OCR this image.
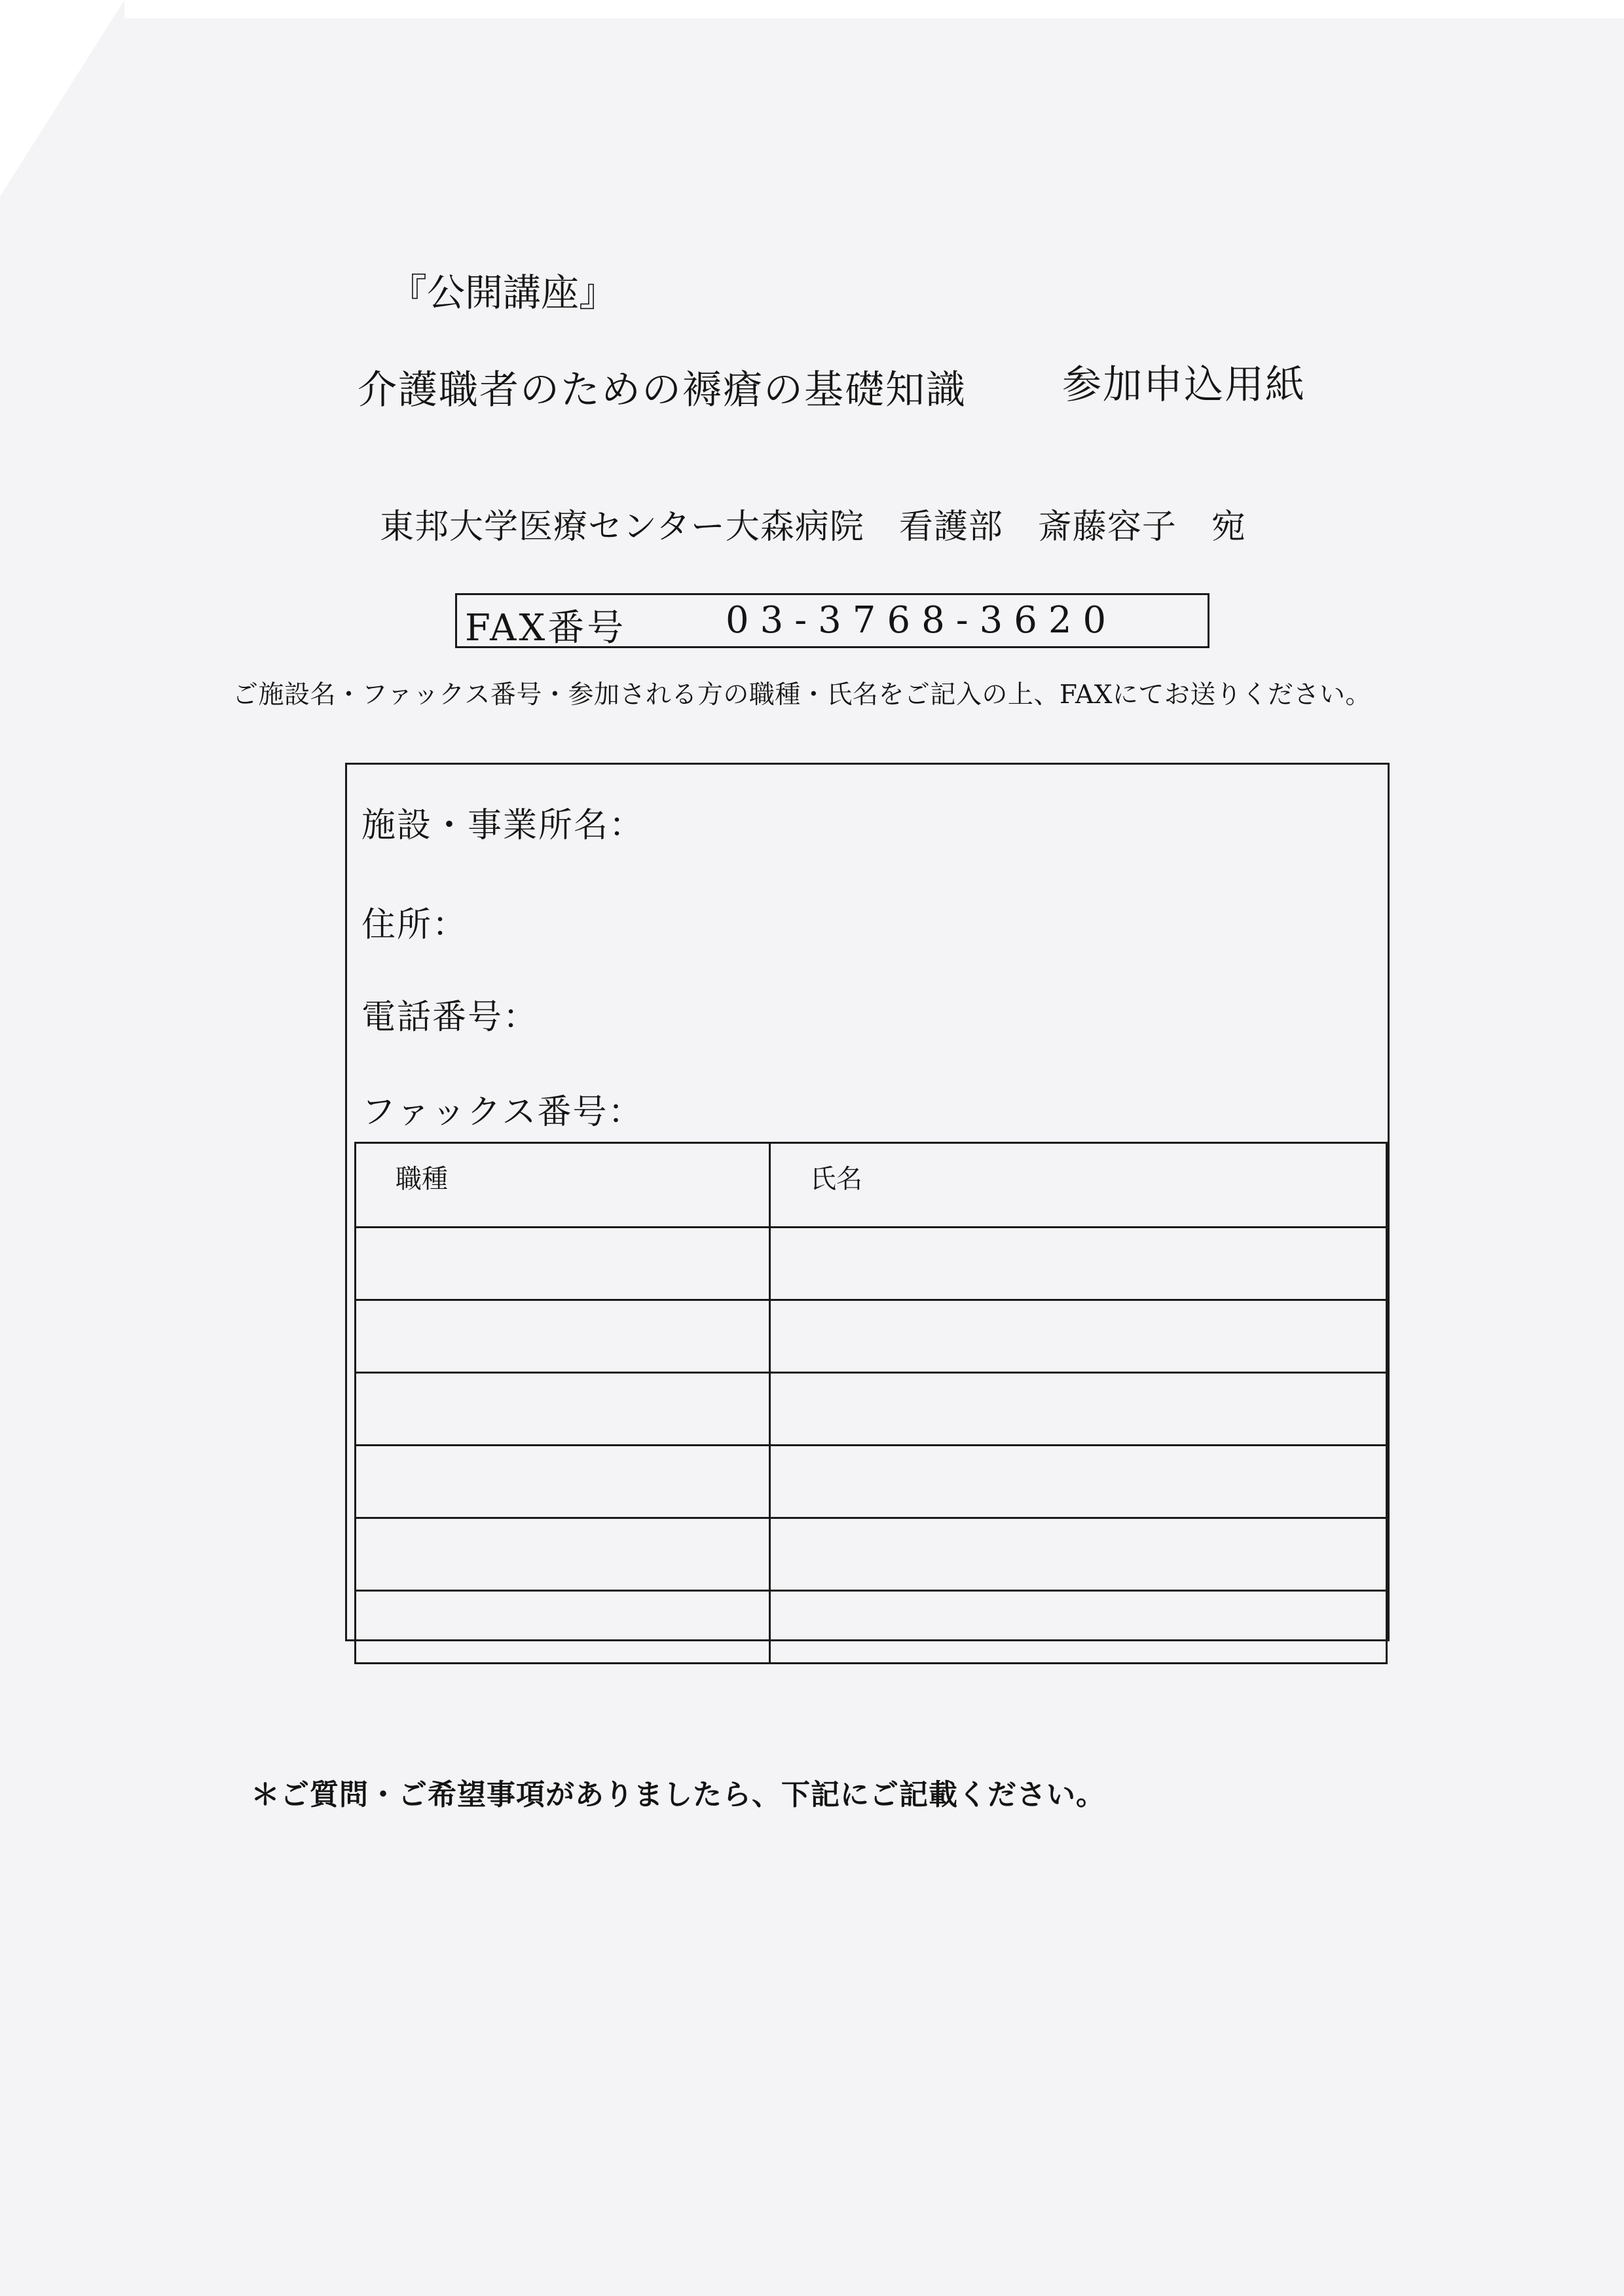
『公開講座』
介護職者のための褥瘡の基礎知識 参加申込用紙
東邦大学医療センター大森病院　看護部　斎藤容子　宛
FAX番号	03-3768-3620
ご施設名・ファックス番号・参加される方の職種・氏名をご記入の上、FAXにてお送りください。
施設・事業所名：
住所：
電話番号：
ファックス番号：
職種	氏名

＊ご質問・ご希望事項がありましたら、下記にご記載ください。
